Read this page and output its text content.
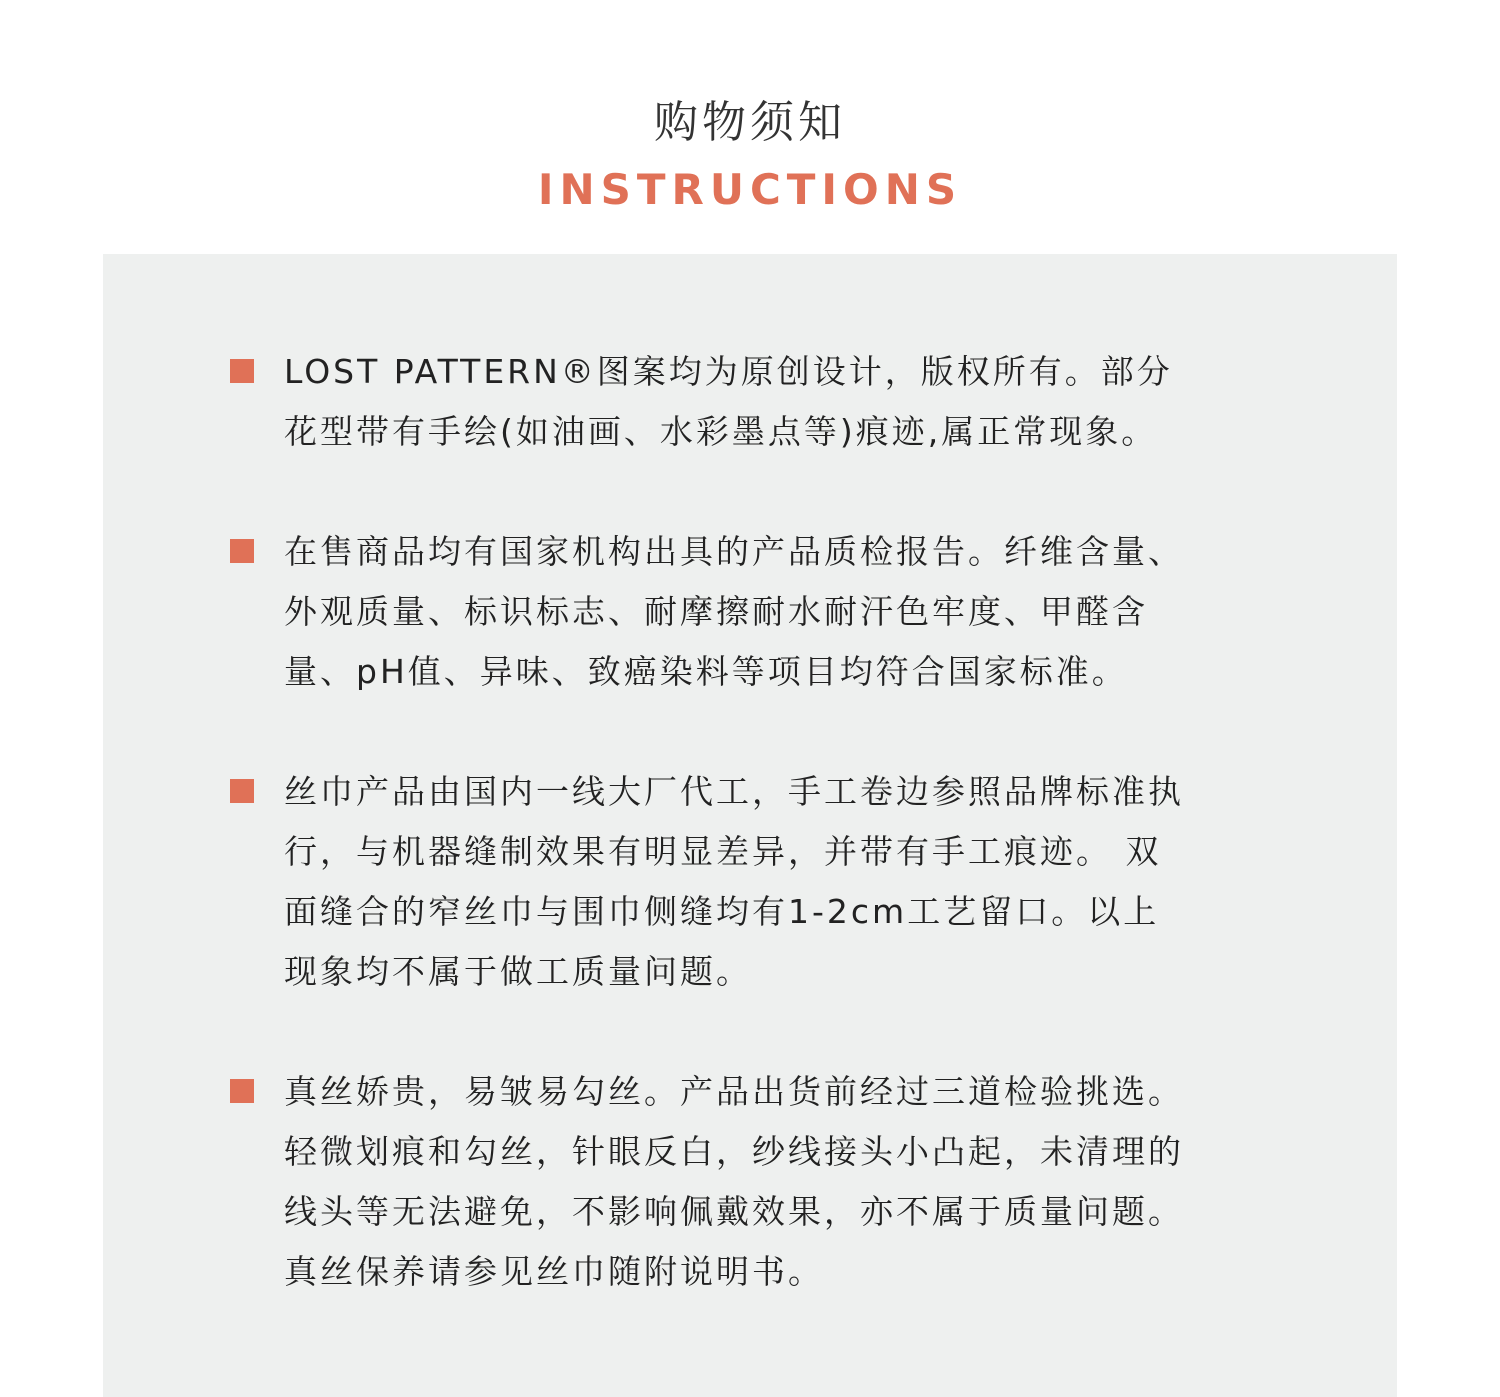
购物须知
INSTRUCTIONS

LOST PATTERN®图案均为原创设计，版权所有。部分
花型带有手绘(如油画、水彩墨点等)痕迹,属正常现象。

在售商品均有国家机构出具的产品质检报告。纤维含量、
外观质量、标识标志、耐摩擦耐水耐汗色牢度、甲醛含
量、pH值、异味、致癌染料等项目均符合国家标准。

丝巾产品由国内一线大厂代工，手工卷边参照品牌标准执
行，与机器缝制效果有明显差异，并带有手工痕迹。 双
面缝合的窄丝巾与围巾侧缝均有1-2cm工艺留口。以上
现象均不属于做工质量问题。

真丝娇贵，易皱易勾丝。产品出货前经过三道检验挑选。
轻微划痕和勾丝，针眼反白，纱线接头小凸起，未清理的
线头等无法避免，不影响佩戴效果，亦不属于质量问题。
真丝保养请参见丝巾随附说明书。
